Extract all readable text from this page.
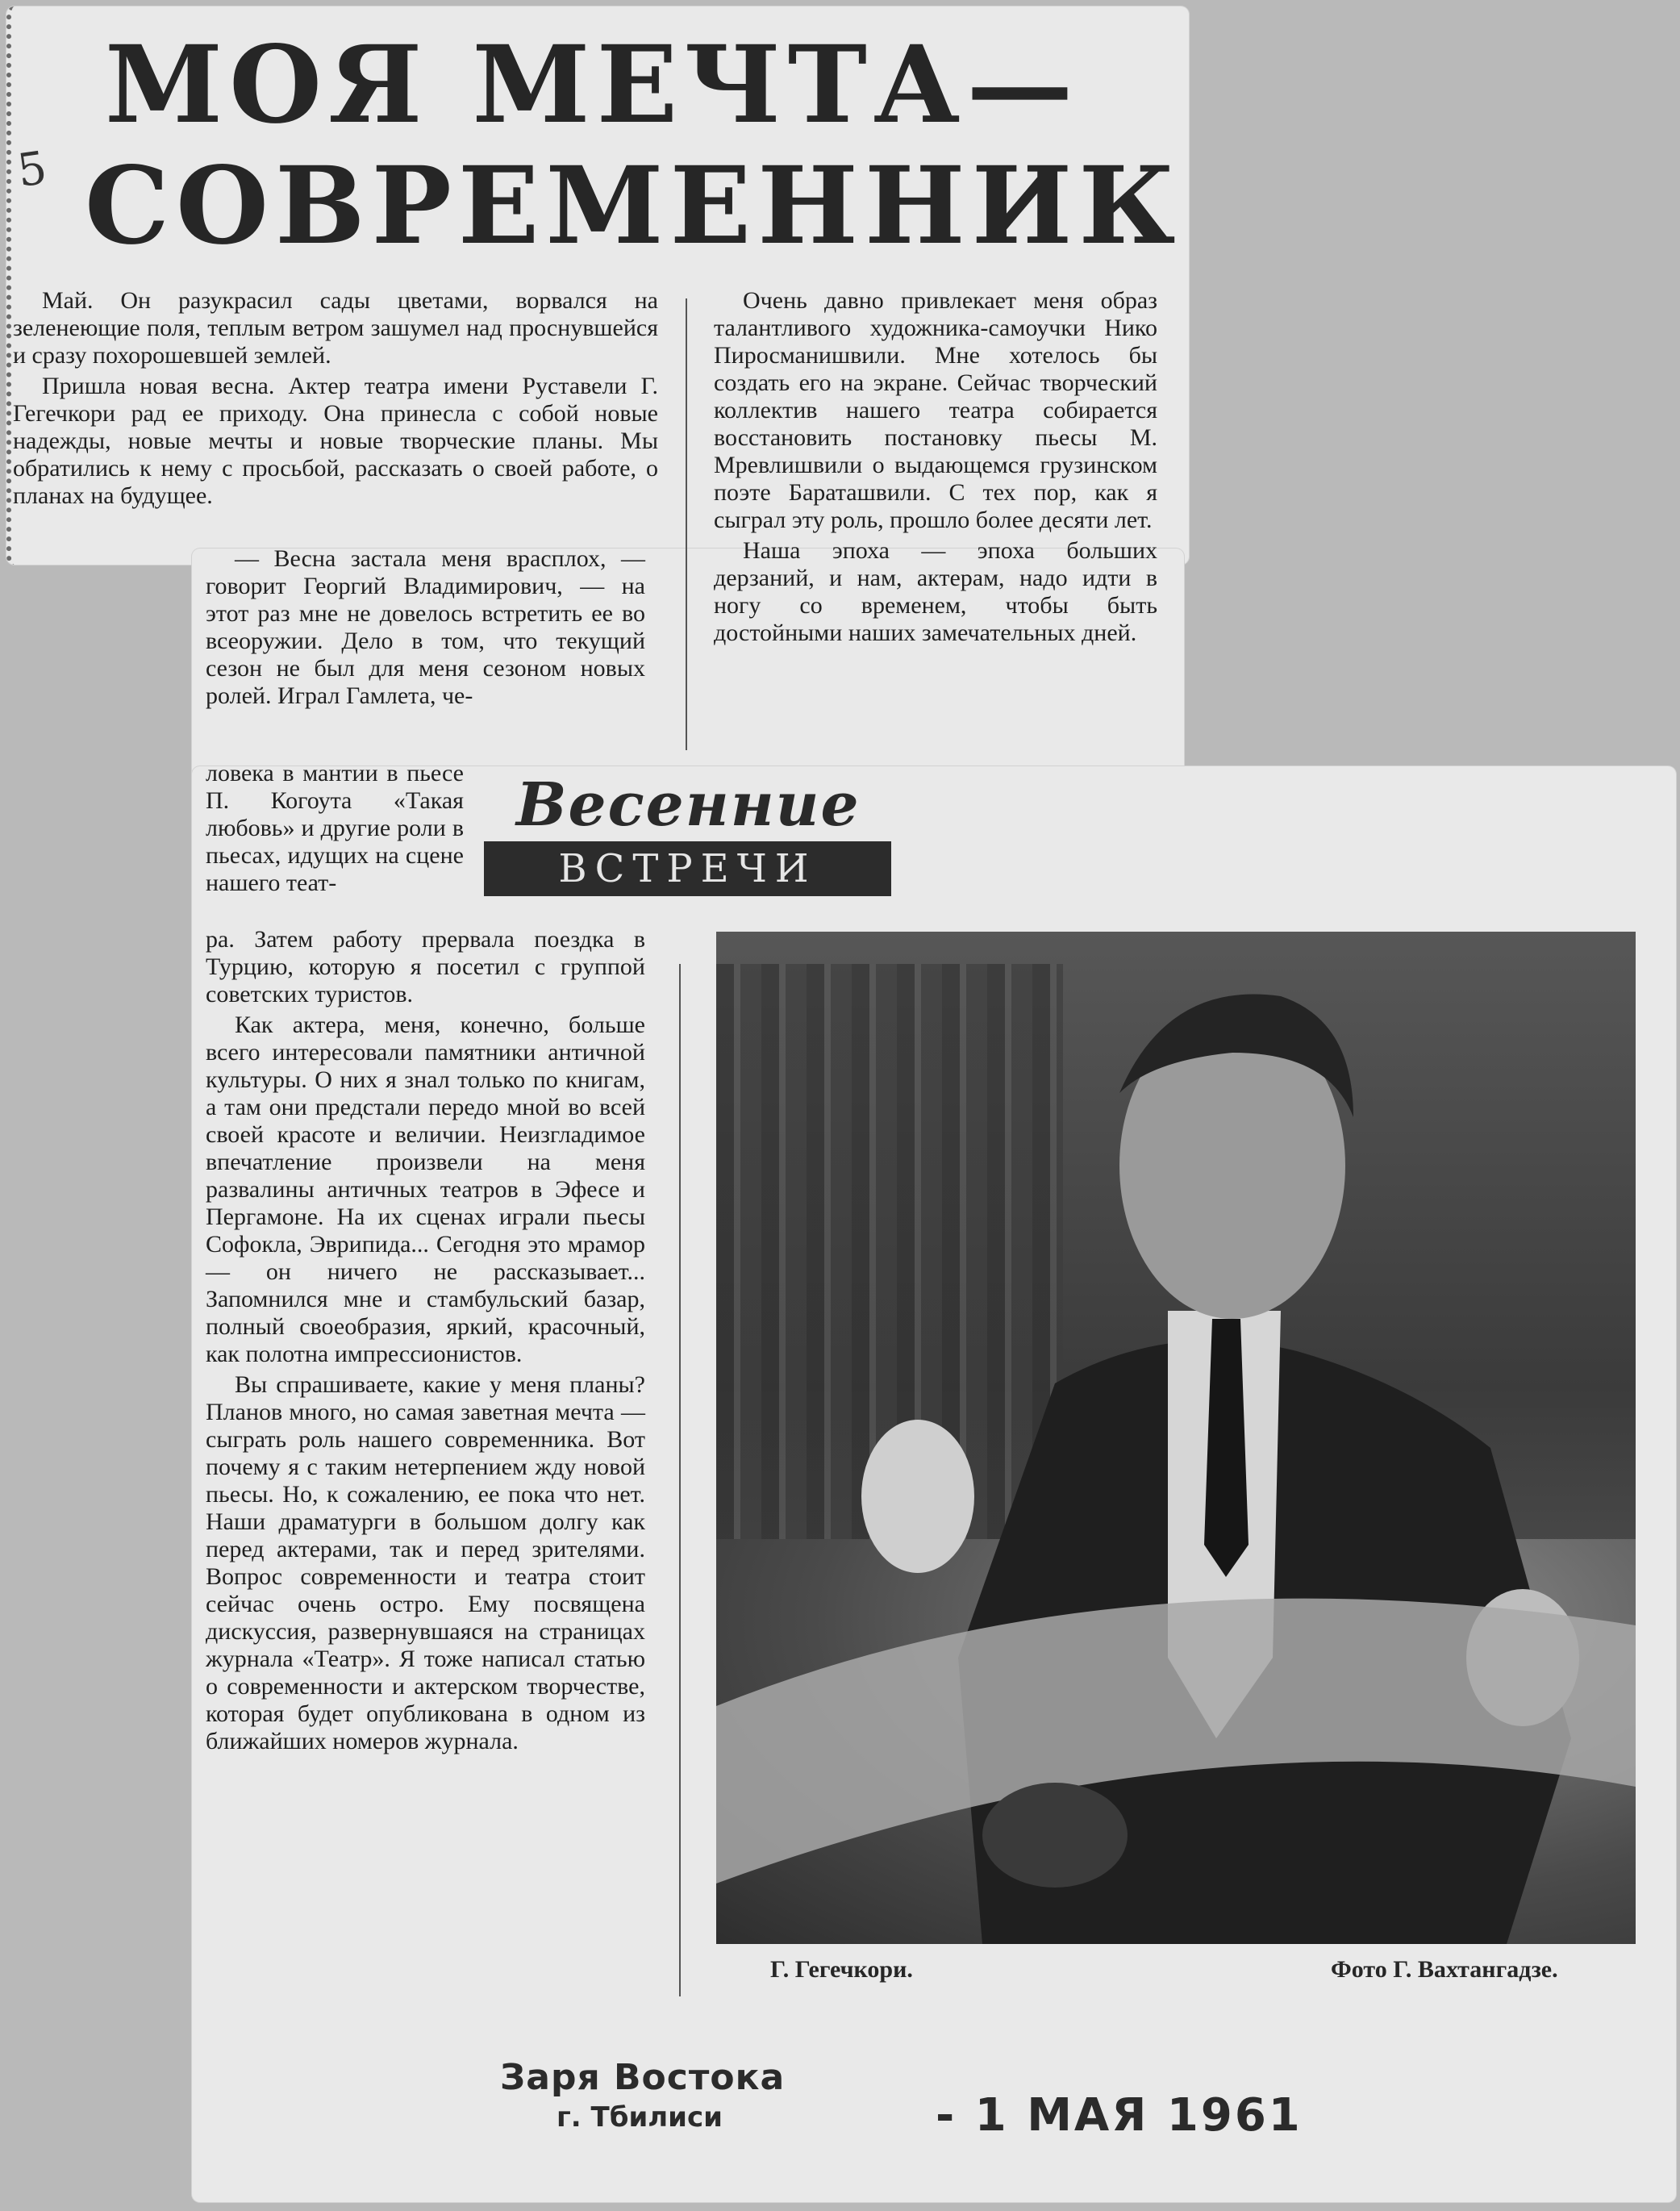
5
МОЯ МЕЧТА—
СОВРЕМЕННИК

Май. Он разукрасил сады цветами, ворвался на зеленеющие поля, теплым ветром зашумел над проснувшейся и сразу похорошевшей землей.

Пришла новая весна. Актер театра имени Руставели Г. Гегечкори рад ее приходу. Она принесла с собой новые надежды, новые мечты и новые творческие планы. Мы обратились к нему с просьбой, рассказать о своей работе, о планах на будущее.

Очень давно привлекает меня образ талантливого художника-самоучки Нико Пиросманишвили. Мне хотелось бы создать его на экране. Сейчас творческий коллектив нашего театра собирается восстановить постановку пьесы М. Мревлишвили о выдающемся грузинском поэте Бараташвили. С тех пор, как я сыграл эту роль, прошло более десяти лет.

Наша эпоха — эпоха больших дерзаний, и нам, актерам, надо идти в ногу со временем, чтобы быть достойными наших замечательных дней.

— Весна застала меня врасплох, — говорит Георгий Владимирович, — на этот раз мне не довелось встретить ее во всеоружии. Дело в том, что текущий сезон не был для меня сезоном новых ролей. Играл Гамлета, че-

ловека в мантии в пьесе П. Когоута «Такая любовь» и другие роли в пьесах, идущих на сцене нашего теат-

Весенние
ВСТРЕЧИ

ра. Затем работу прервала поездка в Турцию, которую я посетил с группой советских туристов.

Как актера, меня, конечно, больше всего интересовали памятники античной культуры. О них я знал только по книгам, а там они предстали передо мной во всей своей красоте и величии. Неизгладимое впечатление произвели на меня развалины античных театров в Эфесе и Пергамоне. На их сценах играли пьесы Софокла, Эврипида... Сегодня это мрамор — он ничего не рассказывает... Запомнился мне и стамбульский базар, полный своеобразия, яркий, красочный, как полотна импрессионистов.

Вы спрашиваете, какие у меня планы? Планов много, но самая заветная мечта — сыграть роль нашего современника. Вот почему я с таким нетерпением жду новой пьесы. Но, к сожалению, ее пока что нет. Наши драматурги в большом долгу как перед актерами, так и перед зрителями. Вопрос современности и театра стоит сейчас очень остро. Ему посвящена дискуссия, развернувшаяся на страницах журнала «Театр». Я тоже написал статью о современности и актерском творчестве, которая будет опубликована в одном из ближайших номеров журнала.

Г. Гегечкори.	Фото Г. Вахтангадзе.
Заря Востока
г. Тбилиси	- 1 МАЯ 1961
